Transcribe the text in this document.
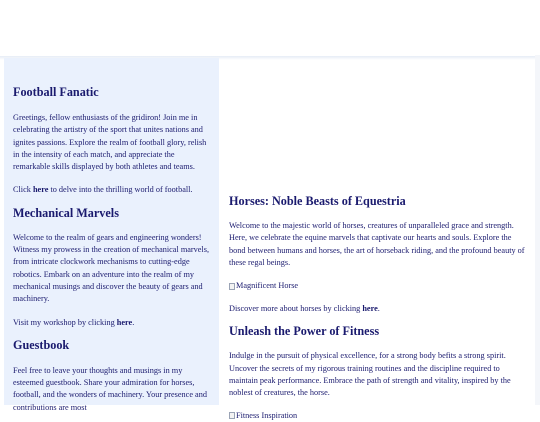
Football Fanatic

Greetings, fellow enthusiasts of the gridiron! Join me in celebrating the artistry of the sport that unites nations and ignites passions. Explore the realm of football glory, relish in the intensity of each match, and appreciate the remarkable skills displayed by both athletes and teams.

Click here to delve into the thrilling world of football.

Mechanical Marvels

Welcome to the realm of gears and engineering wonders! Witness my prowess in the creation of mechanical marvels, from intricate clockwork mechanisms to cutting-edge robotics. Embark on an adventure into the realm of my mechanical musings and discover the beauty of gears and machinery.

Visit my workshop by clicking here.

Guestbook

Feel free to leave your thoughts and musings in my esteemed guestbook. Share your admiration for horses, football, and the wonders of machinery. Your presence and contributions are most

Horses: Noble Beasts of Equestria

Welcome to the majestic world of horses, creatures of unparalleled grace and strength. Here, we celebrate the equine marvels that captivate our hearts and souls. Explore the bond between humans and horses, the art of horseback riding, and the profound beauty of these regal beings.

Magnificent Horse

Discover more about horses by clicking here.

Unleash the Power of Fitness

Indulge in the pursuit of physical excellence, for a strong body befits a strong spirit. Uncover the secrets of my rigorous training routines and the discipline required to maintain peak performance. Embrace the path of strength and vitality, inspired by the noblest of creatures, the horse.

Fitness Inspiration
